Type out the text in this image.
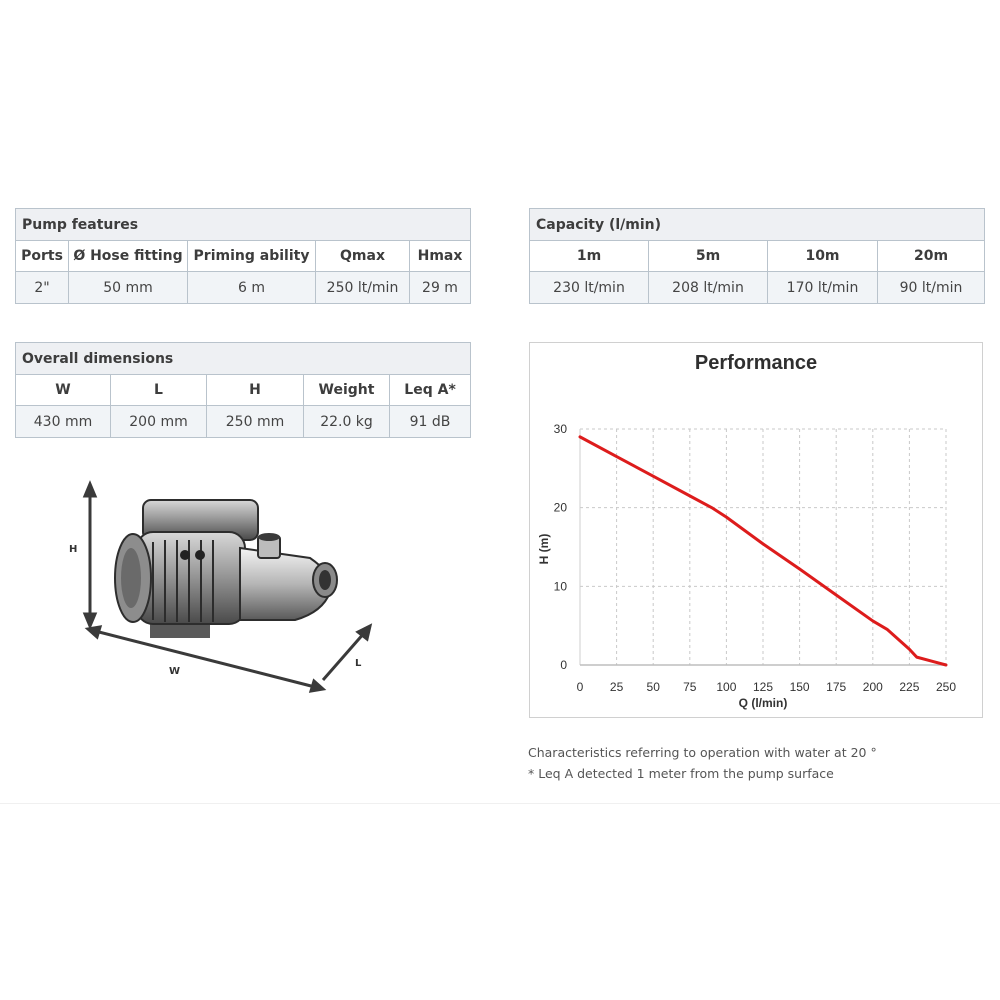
Pump features				
Ports	Ø Hose fitting	Priming ability	Qmax	Hmax
2"	50 mm	6 m	250 lt/min	29 m
Capacity (l/min)			
1m	5m	10m	20m
230 lt/min	208 lt/min	170 lt/min	90 lt/min
Overall dimensions				
W	L	H	Weight	Leq A*
430 mm	200 mm	250 mm	22.0 kg	91 dB
H
W
L
Performance
0 25 50 75 100 125 150 175 200 225 250
0
10
20
30
Q (l/min)
H (m)
Characteristics referring to operation with water at 20 °
* Leq A detected 1 meter from the pump surface
